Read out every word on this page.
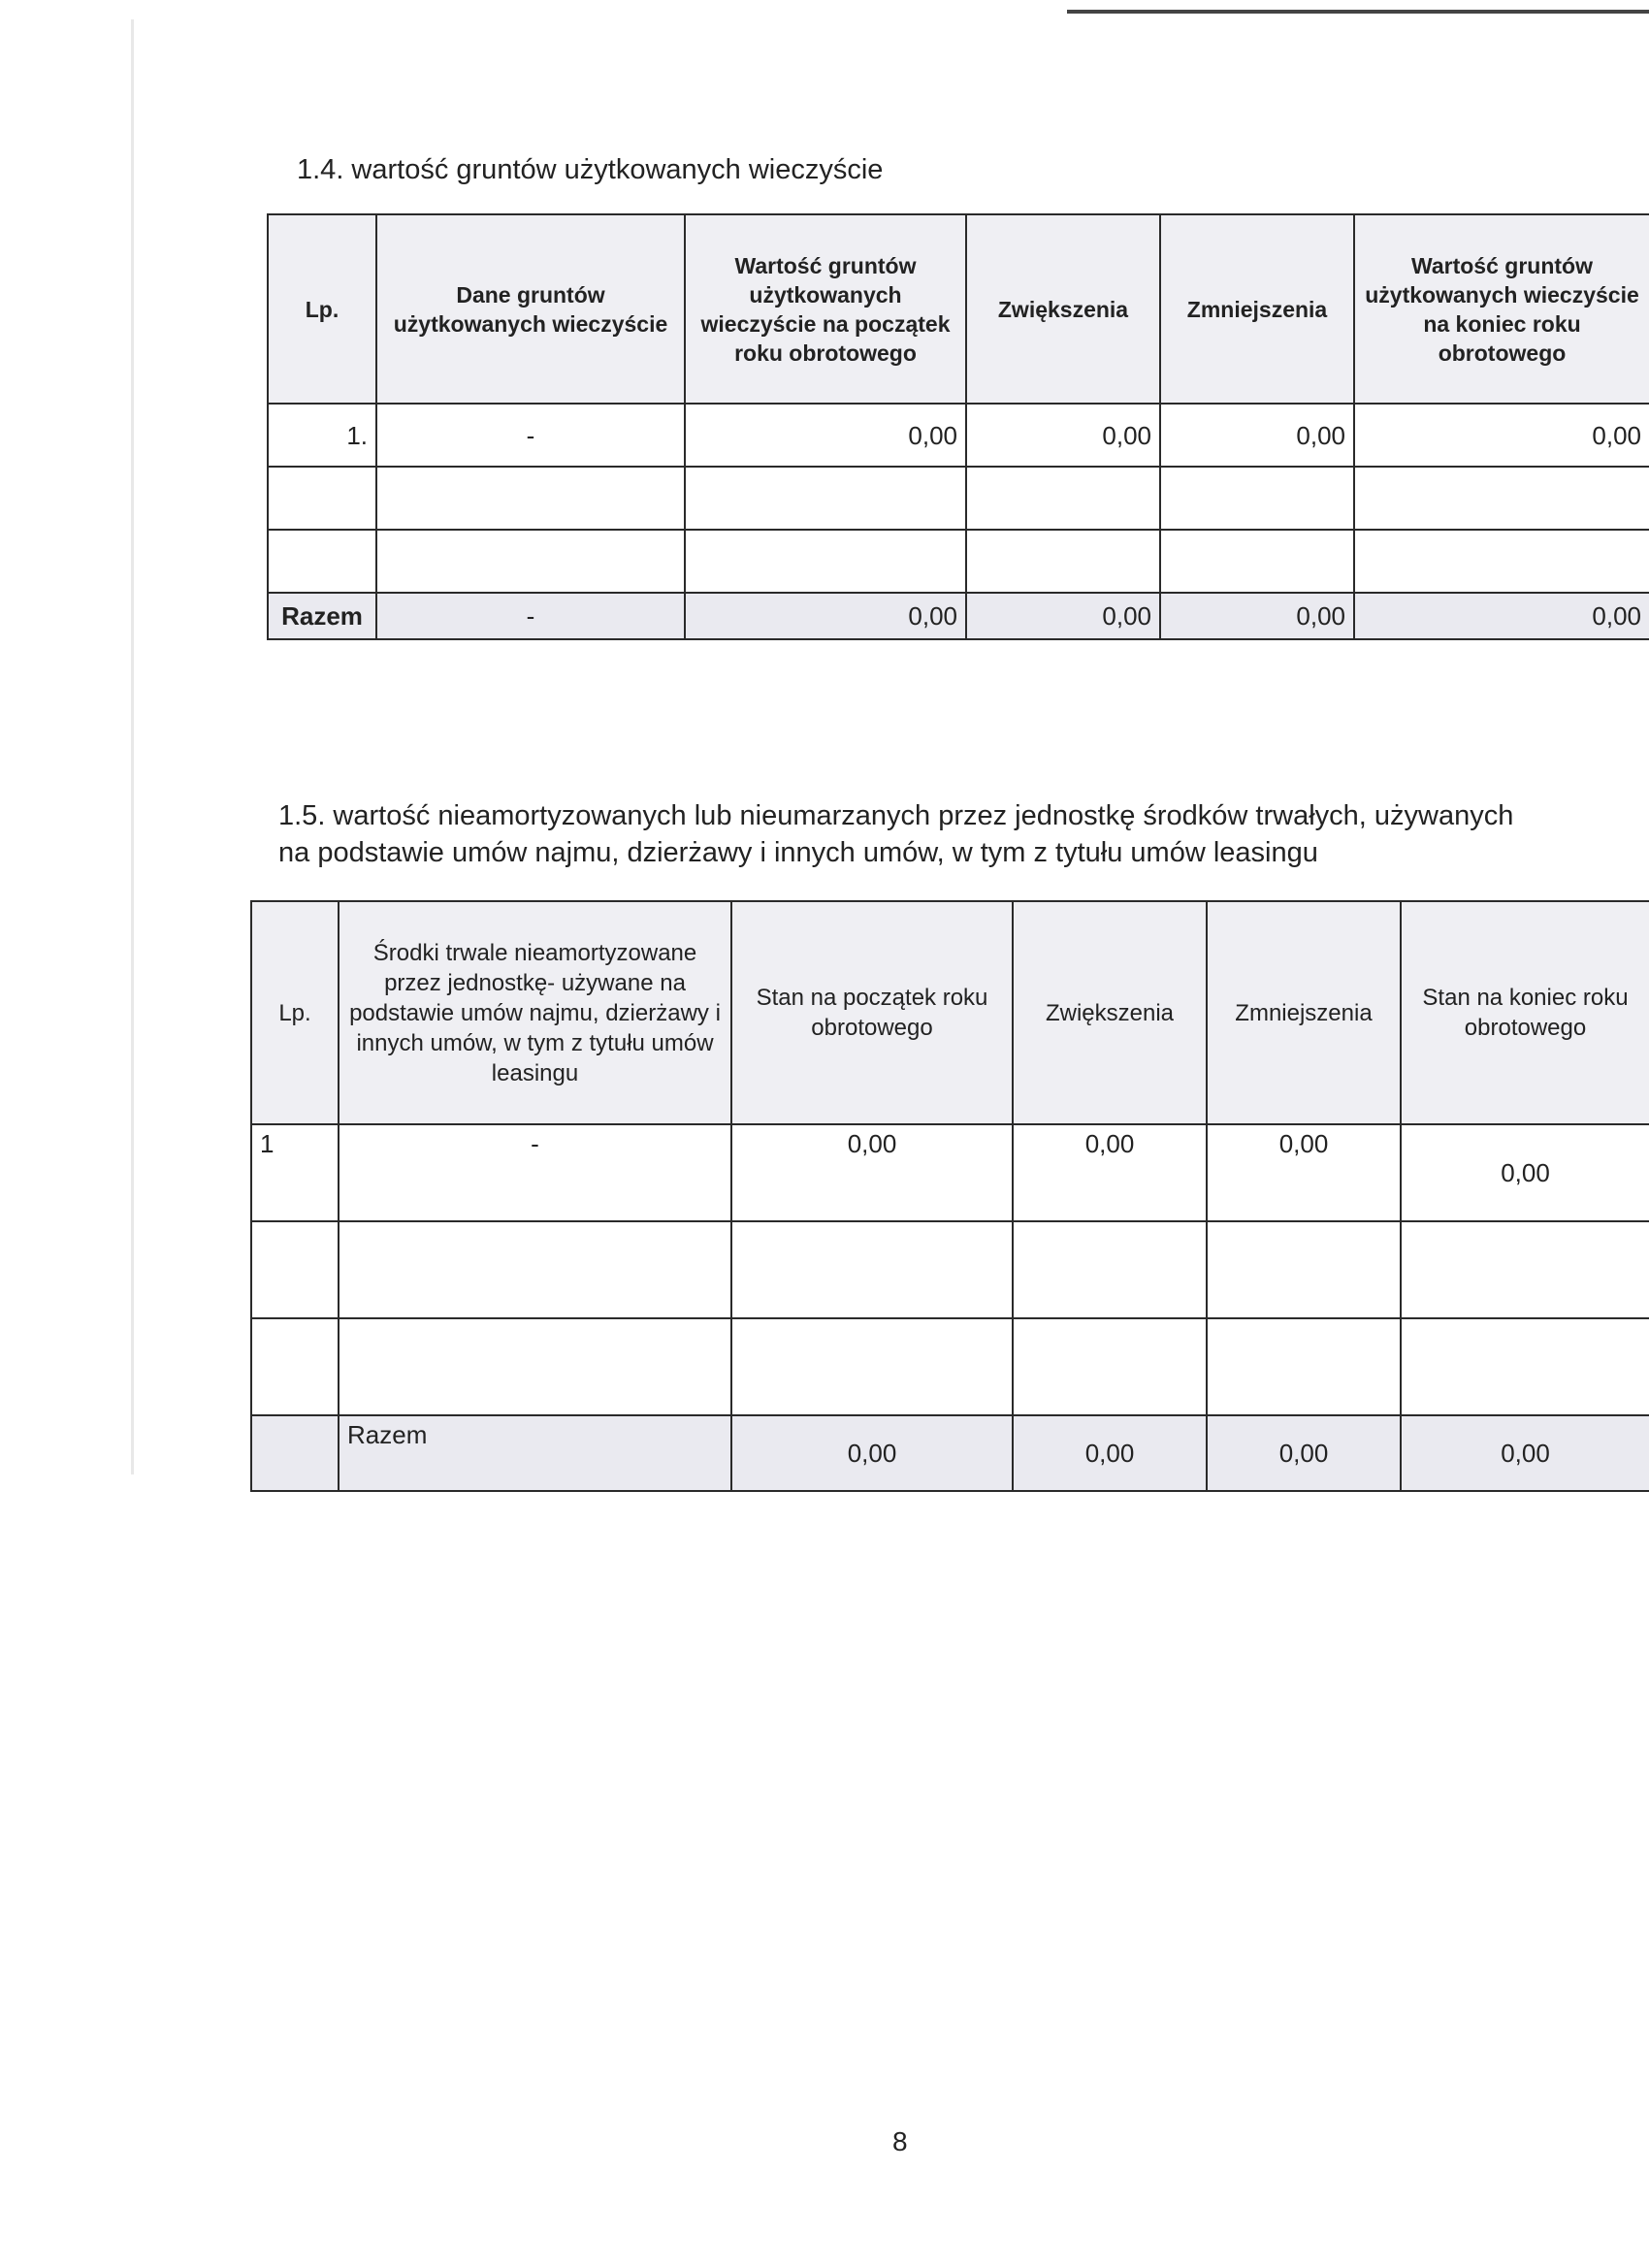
1.4. wartość gruntów użytkowanych wieczyście
Lp.	Dane gruntów użytkowanych wieczyście	Wartość gruntów użytkowanych wieczyście na początek roku obrotowego	Zwiększenia	Zmniejszenia	Wartość gruntów użytkowanych wieczyście na koniec roku obrotowego
1.	-	0,00	0,00	0,00	0,00

Razem	-	0,00	0,00	0,00	0,00
1.5. wartość nieamortyzowanych lub nieumarzanych przez jednostkę środków trwałych, używanych na podstawie umów najmu, dzierżawy i innych umów, w tym z tytułu umów leasingu
Lp.	Środki trwale nieamortyzowane przez jednostkę- używane na podstawie umów najmu, dzierżawy i innych umów, w tym z tytułu umów leasingu	Stan na początek roku obrotowego	Zwiększenia	Zmniejszenia	Stan na koniec roku obrotowego
1	-	0,00	0,00	0,00	0,00

	Razem	0,00	0,00	0,00	0,00
8
